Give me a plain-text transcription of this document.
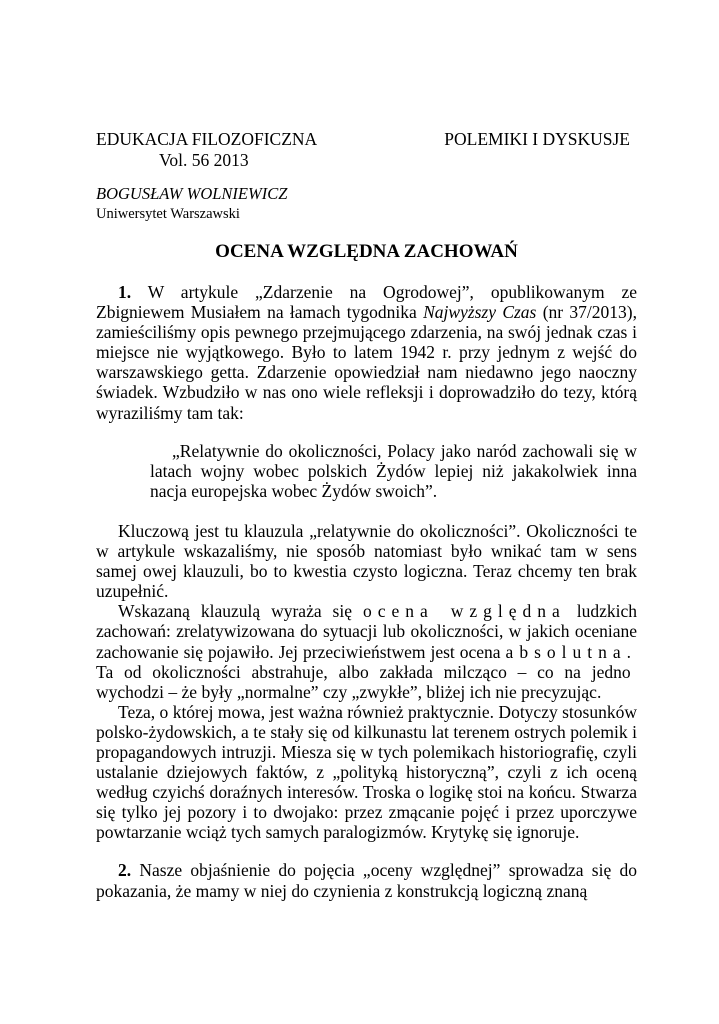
EDUKACJA FILOZOFICZNA
Vol. 56 2013
POLEMIKI I DYSKUSJE
BOGUSŁAW WOLNIEWICZ
Uniwersytet Warszawski
OCENA WZGLĘDNA ZACHOWAŃ

1. W artykule „Zdarzenie na Ogrodowej”, opublikowanym ze Zbigniewem Musiałem na łamach tygodnika Najwyższy Czas (nr 37/2013), zamieściliśmy opis pewnego przejmującego zdarzenia, na swój jednak czas i miejsce nie wyjątkowego. Było to latem 1942 r. przy jednym z wejść do warszawskiego getta. Zdarzenie opowiedział nam niedawno jego naoczny świadek. Wzbudziło w nas ono wiele refleksji i doprowadziło do tezy, którą wyraziliśmy tam tak:

„Relatywnie do okoliczności, Polacy jako naród zachowali się w latach wojny wobec polskich Żydów lepiej niż jakakolwiek inna nacja europejska wobec Żydów swoich”.

Kluczową jest tu klauzula „relatywnie do okoliczności”. Okoliczności te w artykule wskazaliśmy, nie sposób natomiast było wnikać tam w sens samej owej klauzuli, bo to kwestia czysto logiczna. Teraz chcemy ten brak uzupełnić.

Wskazaną klauzulą wyraża się ocena względna ludzkich zachowań: zrelatywizowana do sytuacji lub okoliczności, w jakich oceniane zachowanie się pojawiło. Jej przeciwieństwem jest ocena absolutna. Ta od okoliczności abstrahuje, albo zakłada milcząco – co na jedno wychodzi – że były „normalne” czy „zwykłe”, bliżej ich nie precyzując.

Teza, o której mowa, jest ważna również praktycznie. Dotyczy stosunków polsko-żydowskich, a te stały się od kilkunastu lat terenem ostrych polemik i propagandowych intruzji. Miesza się w tych polemikach historiografię, czyli ustalanie dziejowych faktów, z „polityką historyczną”, czyli z ich oceną według czyichś doraźnych interesów. Troska o logikę stoi na końcu. Stwarza się tylko jej pozory i to dwojako: przez zmącanie pojęć i przez uporczywe powtarzanie wciąż tych samych paralogizmów. Krytykę się ignoruje.

2. Nasze objaśnienie do pojęcia „oceny względnej” sprowadza się do pokazania, że mamy w niej do czynienia z konstrukcją logiczną znaną
